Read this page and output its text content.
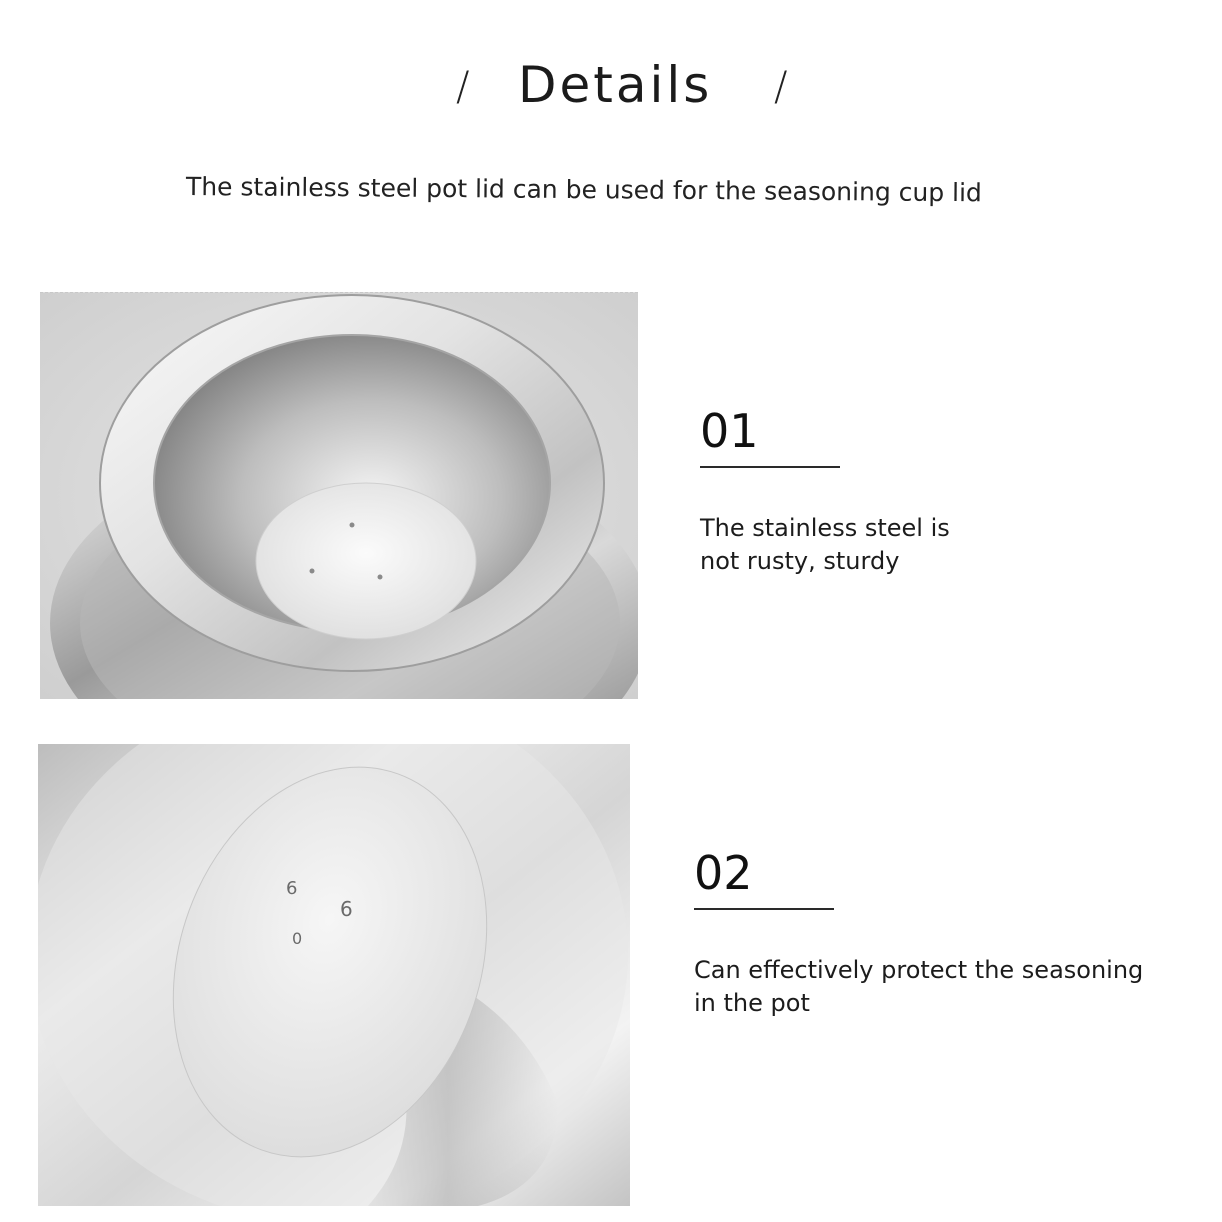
/ Details /
The stainless steel pot lid can be used for the seasoning cup lid
6
6
0
01
The stainless steel is not rusty, sturdy
02
Can effectively protect the seasoning in the pot
